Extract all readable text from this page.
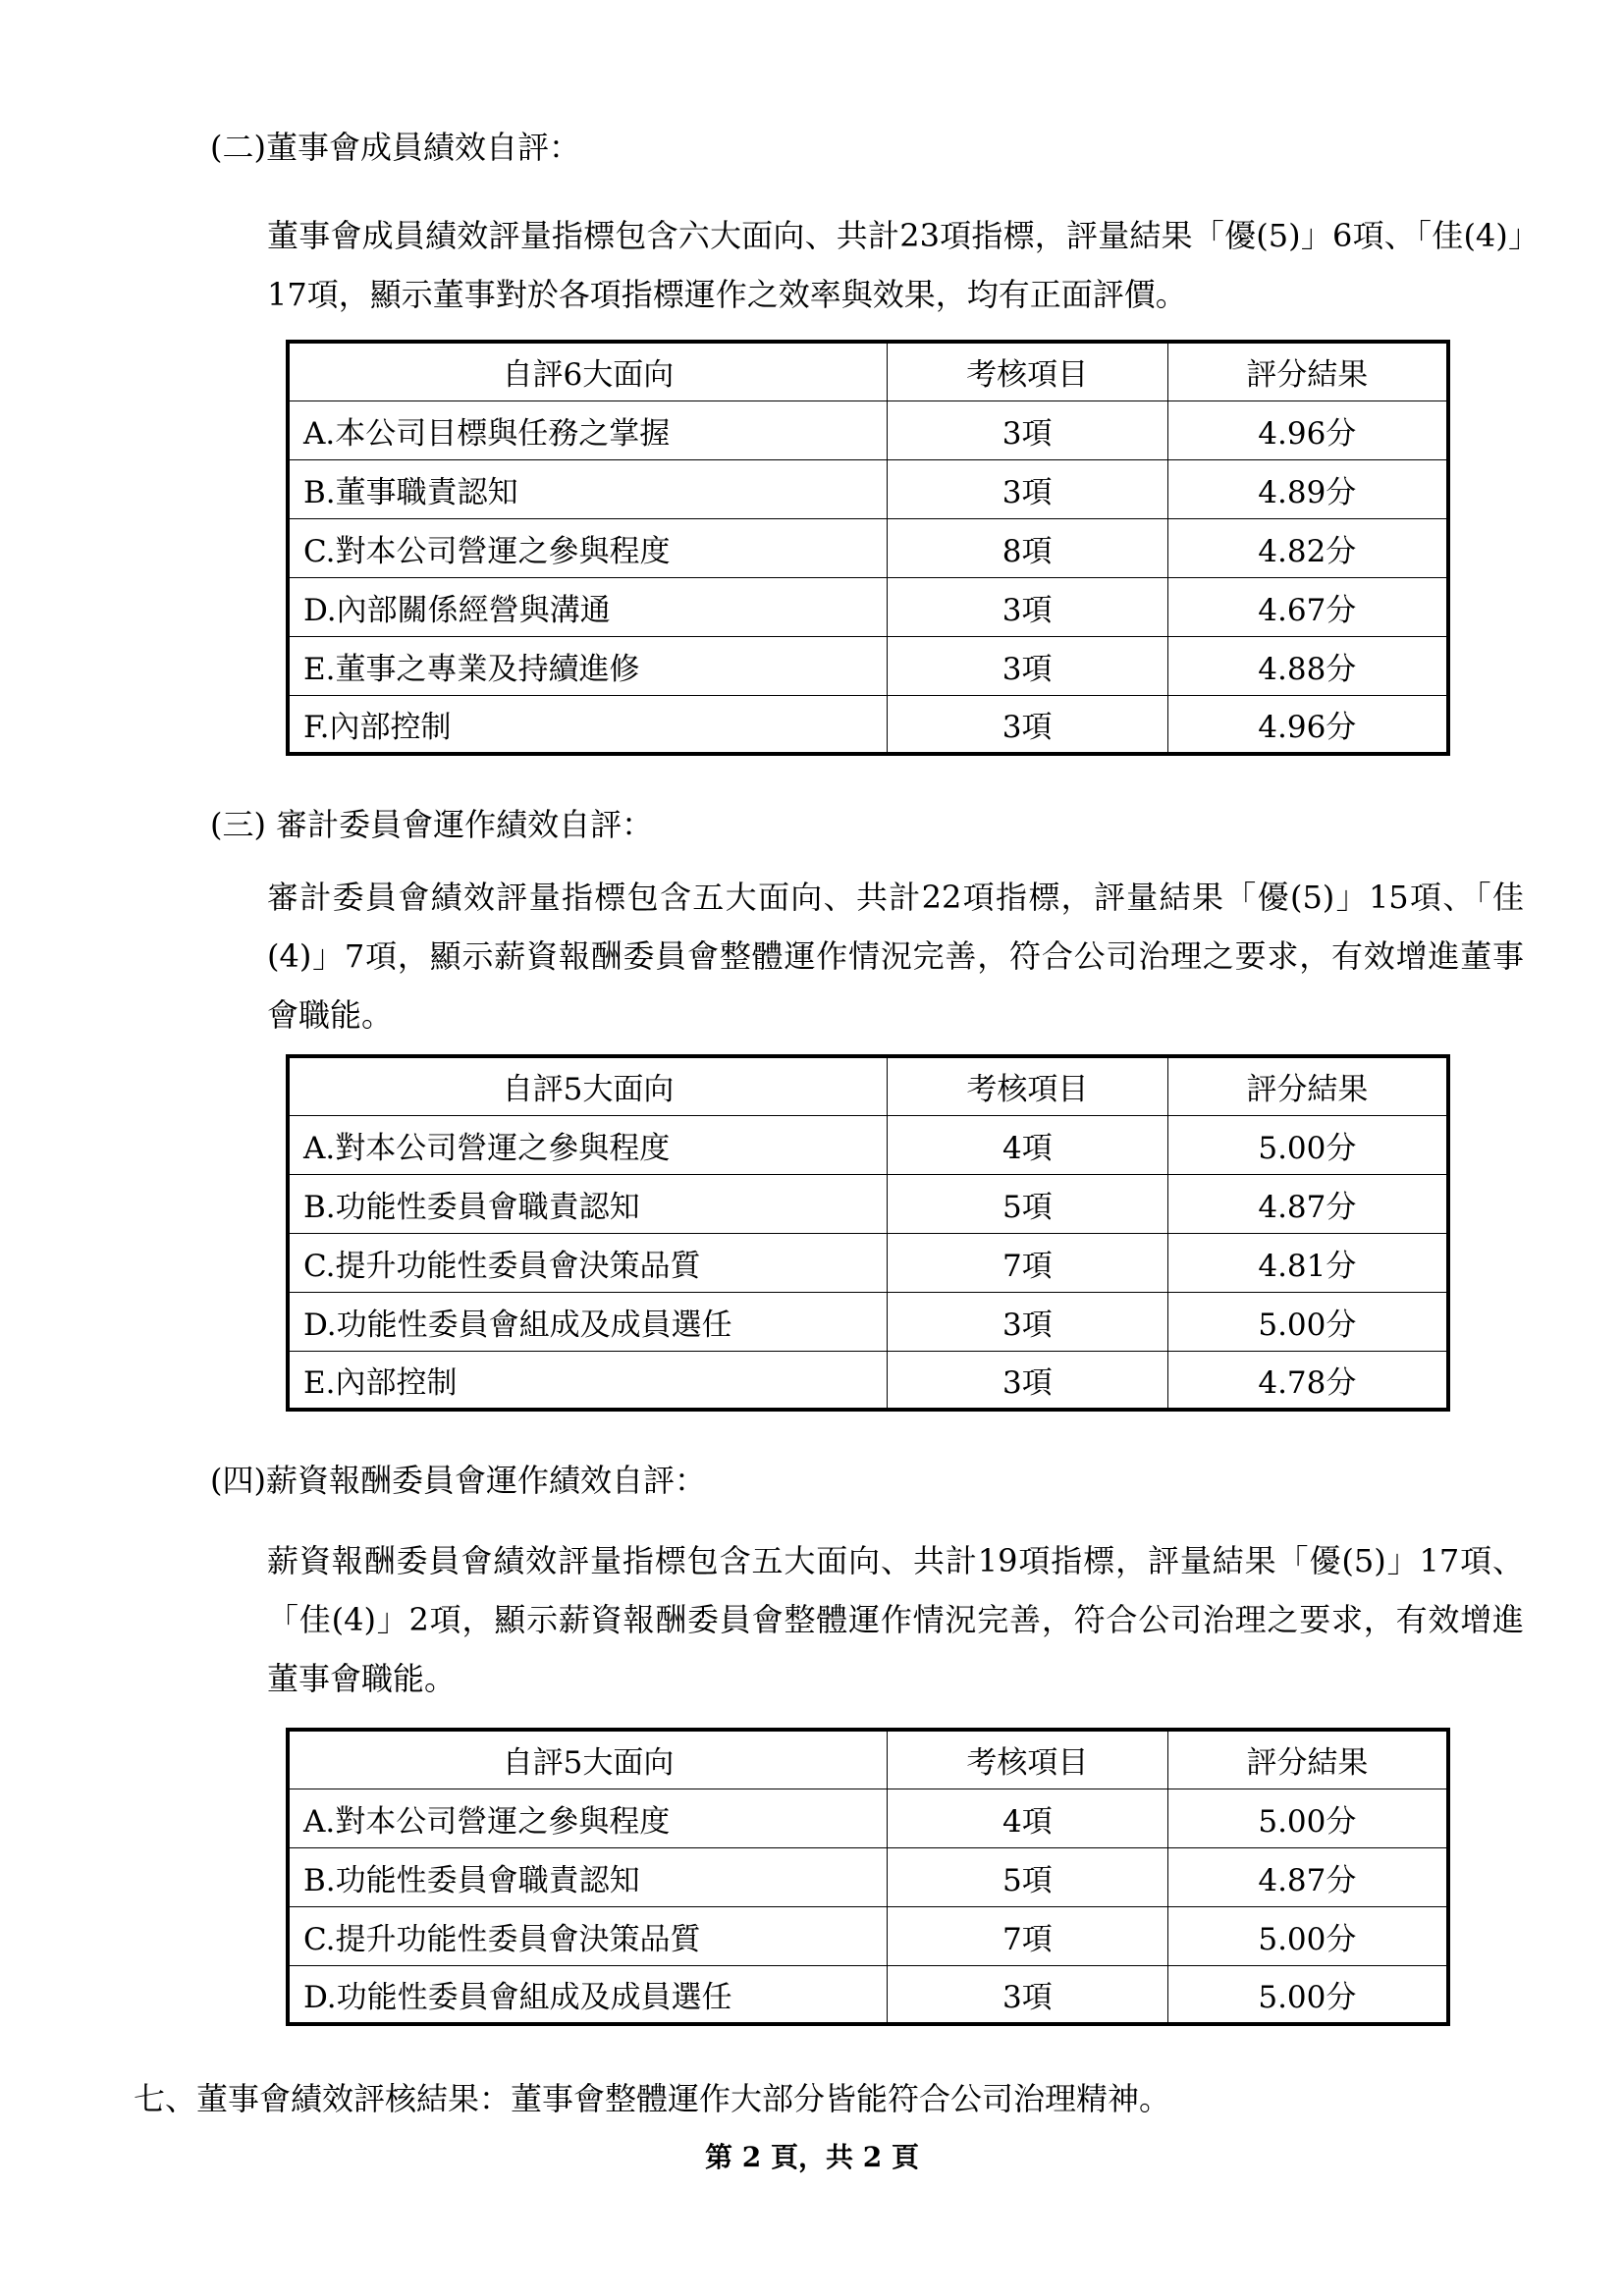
(二)董事會成員績效自評：

董事會成員績效評量指標包含六大面向、共計23項指標，評量結果「優(5)」6項、「佳(4)」17項，顯示董事對於各項指標運作之效率與效果，均有正面評價。

自評6大面向	考核項目	評分結果
A.本公司目標與任務之掌握	3項	4.96分
B.董事職責認知	3項	4.89分
C.對本公司營運之參與程度	8項	4.82分
D.內部關係經營與溝通	3項	4.67分
E.董事之專業及持續進修	3項	4.88分
F.內部控制	3項	4.96分
(三) 審計委員會運作績效自評：

審計委員會績效評量指標包含五大面向、共計22項指標，評量結果「優(5)」15項、「佳(4)」7項，顯示薪資報酬委員會整體運作情況完善，符合公司治理之要求，有效增進董事會職能。

自評5大面向	考核項目	評分結果
A.對本公司營運之參與程度	4項	5.00分
B.功能性委員會職責認知	5項	4.87分
C.提升功能性委員會決策品質	7項	4.81分
D.功能性委員會組成及成員選任	3項	5.00分
E.內部控制	3項	4.78分
(四)薪資報酬委員會運作績效自評：

薪資報酬委員會績效評量指標包含五大面向、共計19項指標，評量結果「優(5)」17項、「佳(4)」2項，顯示薪資報酬委員會整體運作情況完善，符合公司治理之要求，有效增進董事會職能。

自評5大面向	考核項目	評分結果
A.對本公司營運之參與程度	4項	5.00分
B.功能性委員會職責認知	5項	4.87分
C.提升功能性委員會決策品質	7項	5.00分
D.功能性委員會組成及成員選任	3項	5.00分
七、董事會績效評核結果：董事會整體運作大部分皆能符合公司治理精神。
第 2 頁，共 2 頁
